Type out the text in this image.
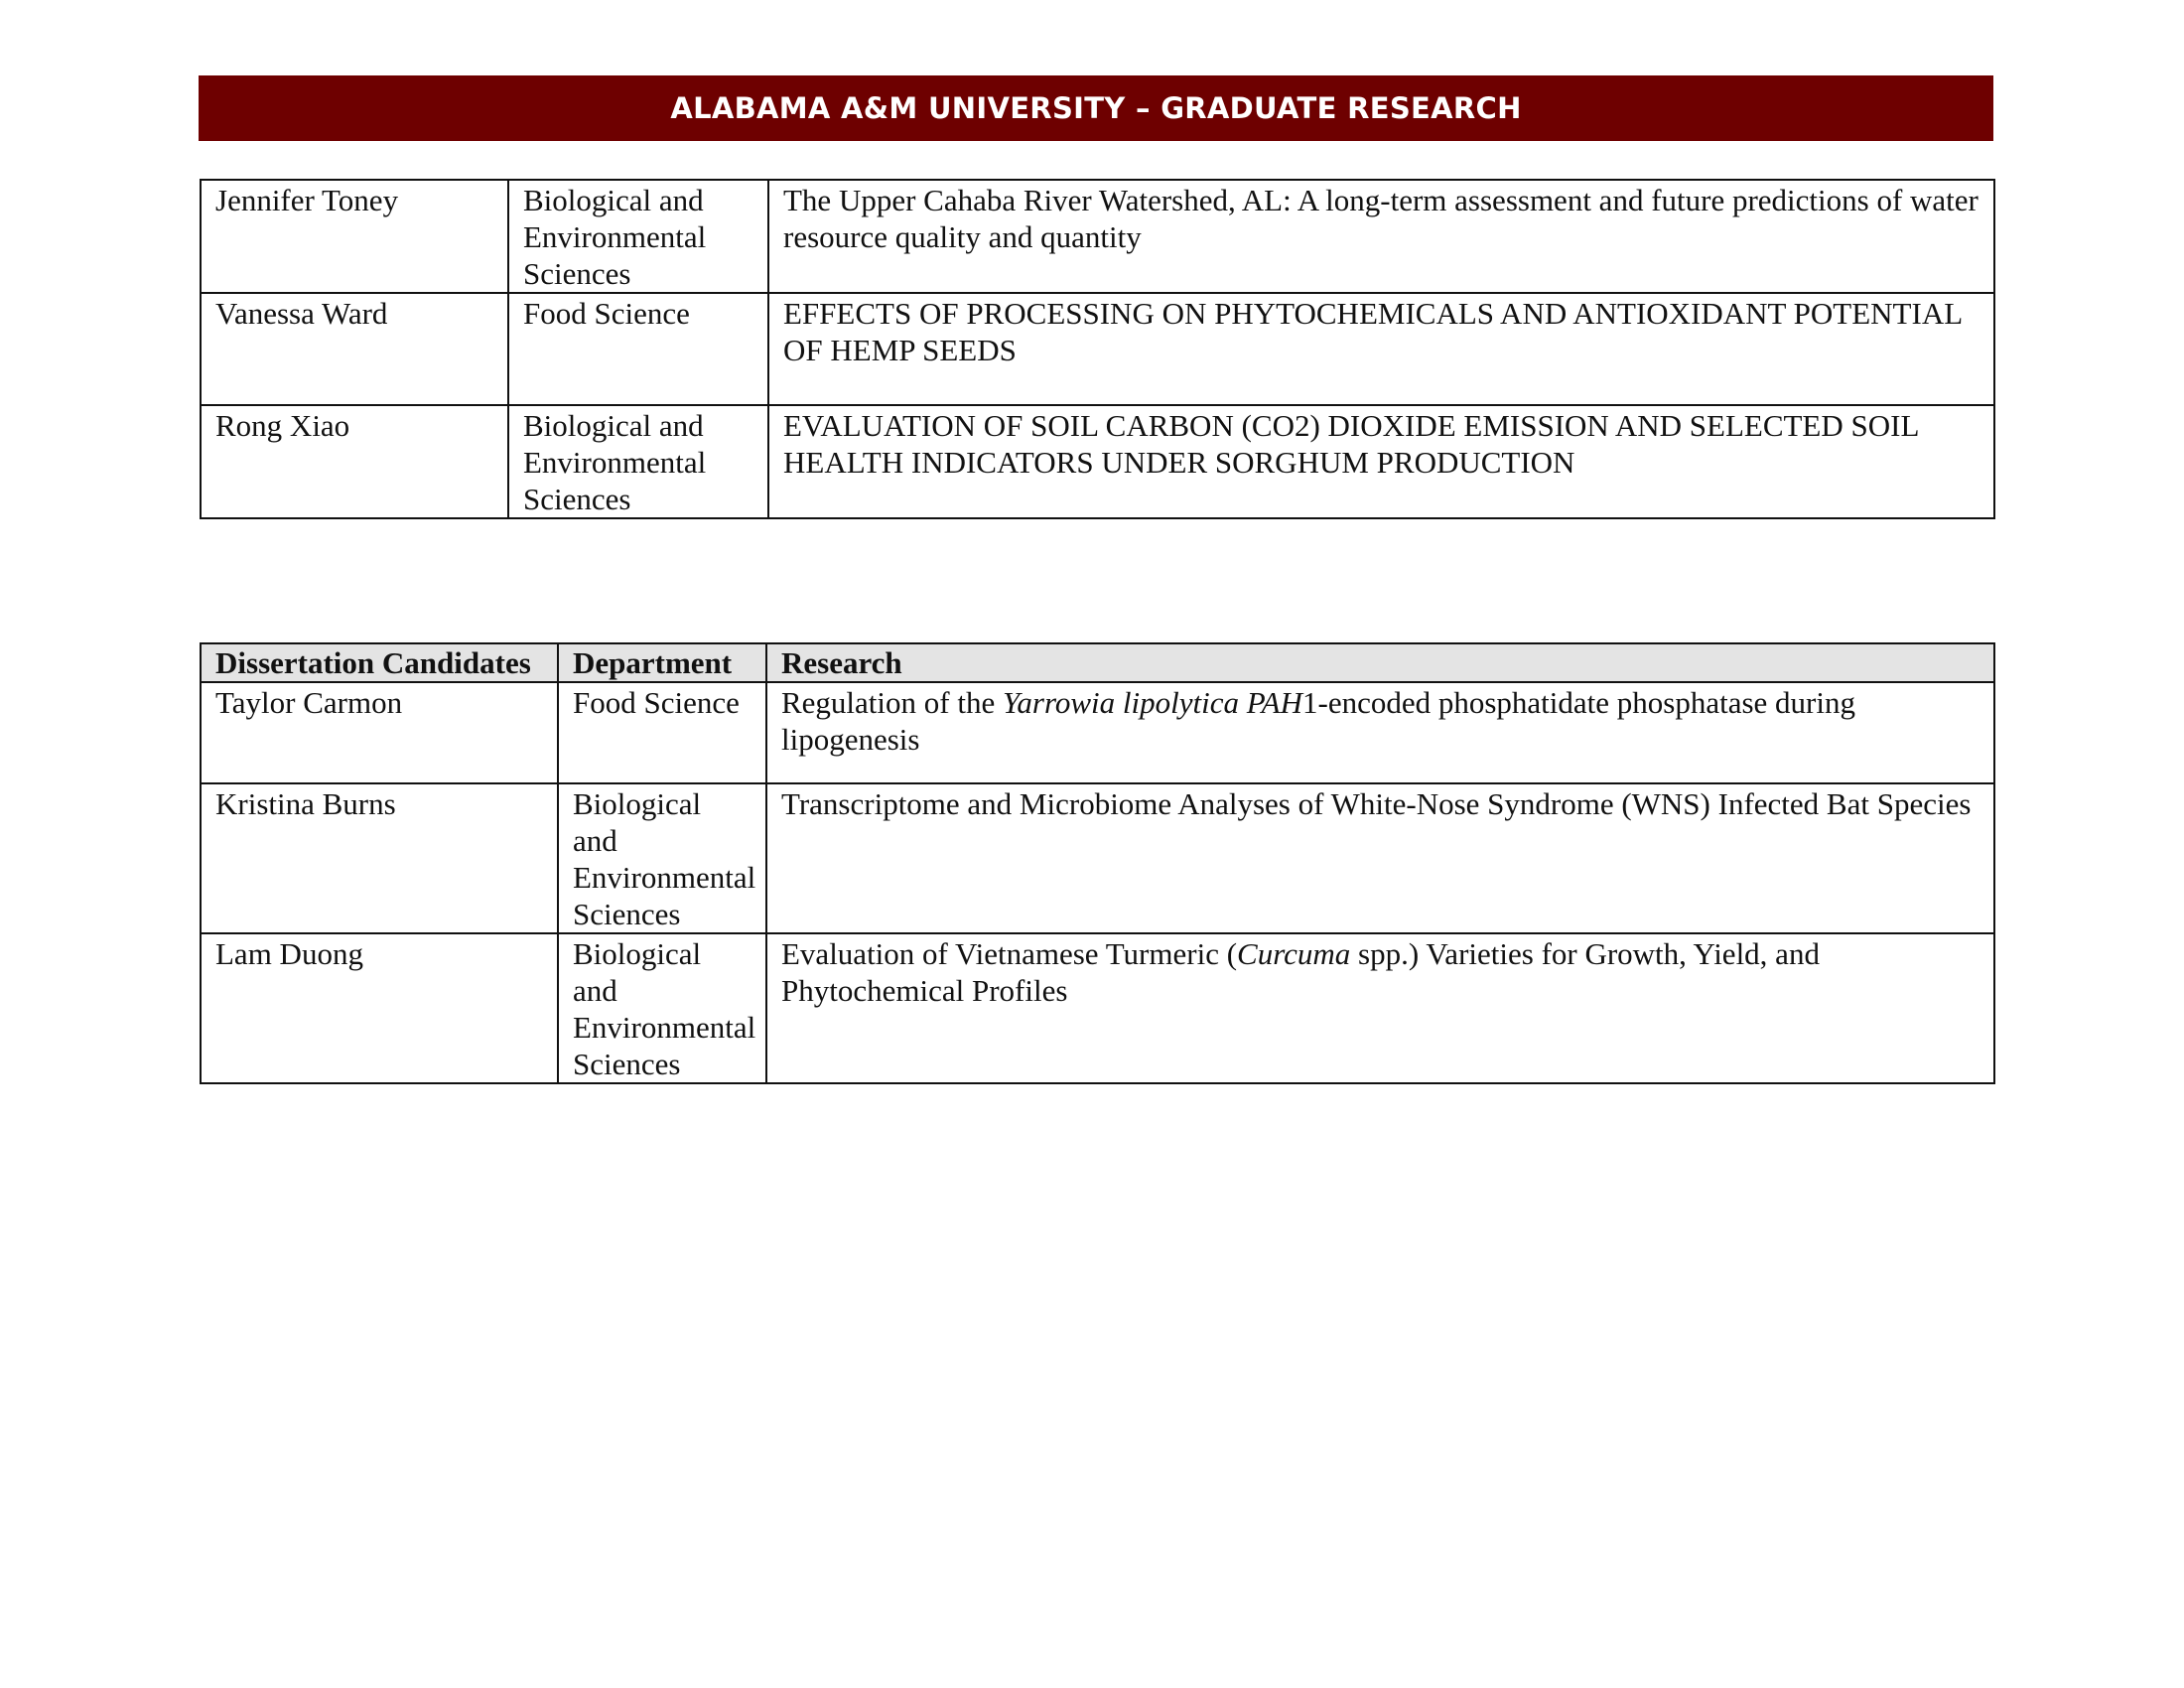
ALABAMA A&M UNIVERSITY – GRADUATE RESEARCH
Jennifer Toney	Biological and Environmental Sciences	The Upper Cahaba River Watershed, AL: A long-term assessment and future predictions of water resource quality and quantity
Vanessa Ward	Food Science	EFFECTS OF PROCESSING ON PHYTOCHEMICALS AND ANTIOXIDANT POTENTIAL OF HEMP SEEDS
Rong Xiao	Biological and Environmental Sciences	EVALUATION OF SOIL CARBON (CO2) DIOXIDE EMISSION AND SELECTED SOIL HEALTH INDICATORS UNDER SORGHUM PRODUCTION
Dissertation Candidates	Department	Research
Taylor Carmon	Food Science	Regulation of the Yarrowia lipolytica PAH1-encoded phosphatidate phosphatase during lipogenesis
Kristina Burns	Biological and Environmental Sciences	Transcriptome and Microbiome Analyses of White-Nose Syndrome (WNS) Infected Bat Species
Lam Duong	Biological and Environmental Sciences	Evaluation of Vietnamese Turmeric (Curcuma spp.) Varieties for Growth, Yield, and Phytochemical Profiles
